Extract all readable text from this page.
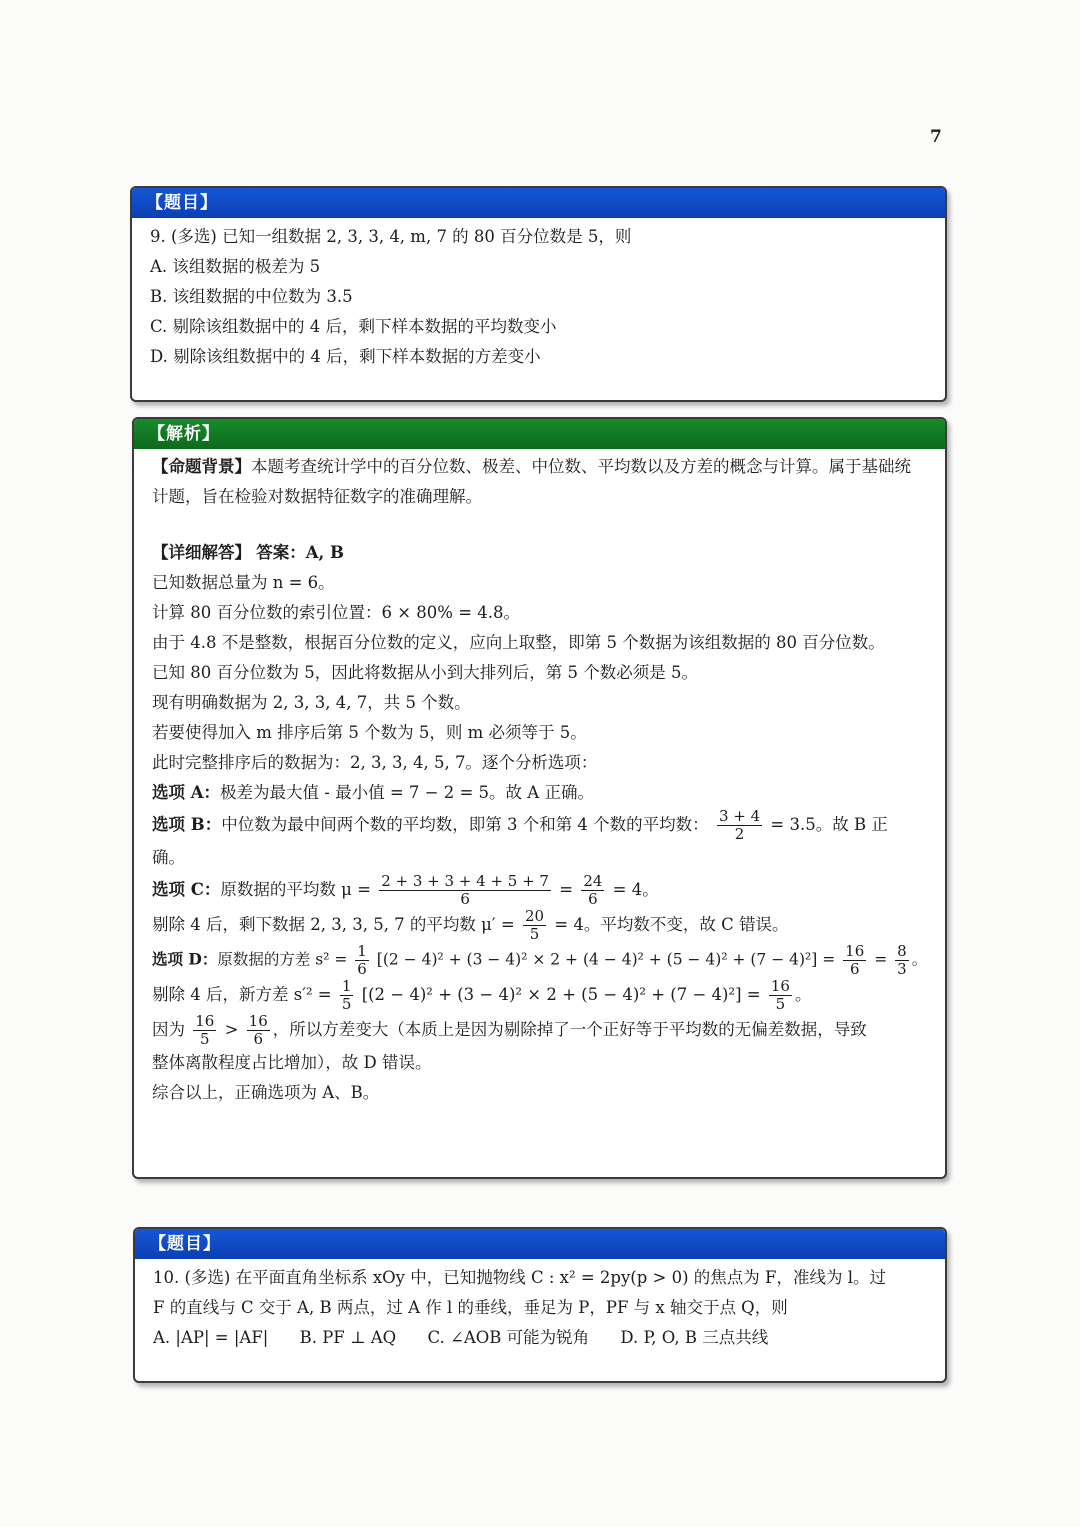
7
【题目】
9. (多选) 已知一组数据 2, 3, 3, 4, m, 7 的 80 百分位数是 5，则
A. 该组数据的极差为 5
B. 该组数据的中位数为 3.5
C. 剔除该组数据中的 4 后，剩下样本数据的平均数变小
D. 剔除该组数据中的 4 后，剩下样本数据的方差变小
【解析】
【命题背景】本题考查统计学中的百分位数、极差、中位数、平均数以及方差的概念与计算。属于基础统计题，旨在检验对数据特征数字的准确理解。
【详细解答】 答案：A, B
已知数据总量为 n = 6。
计算 80 百分位数的索引位置：6 × 80% = 4.8。
由于 4.8 不是整数，根据百分位数的定义，应向上取整，即第 5 个数据为该组数据的 80 百分位数。
已知 80 百分位数为 5，因此将数据从小到大排列后，第 5 个数必须是 5。
现有明确数据为 2, 3, 3, 4, 7，共 5 个数。
若要使得加入 m 排序后第 5 个数为 5，则 m 必须等于 5。
此时完整排序后的数据为：2, 3, 3, 4, 5, 7。逐个分析选项：
选项 A：极差为最大值 - 最小值 = 7 − 2 = 5。故 A 正确。
选项 B：中位数为最中间两个数的平均数，即第 3 个和第 4 个数的平均数： $\frac{3 + 4}{2} = 3.5$。故 B 正
确。
选项 C：原数据的平均数 $\mu = \frac{2 + 3 + 3 + 4 + 5 + 7}{6} = \frac{24}{6} = 4$。
剔除 4 后，剩下数据 2, 3, 3, 5, 7 的平均数 $\mu' = \frac{20}{5} = 4$。平均数不变，故 C 错误。
选项 D：原数据的方差 $s^2 = \frac{1}{6} [(2 - 4)^2 + (3 - 4)^2 \times 2 + (4 - 4)^2 + (5 - 4)^2 + (7 - 4)^2] = \frac{16}{6} = \frac{8}{3}$ 。
剔除 4 后，新方差 $s'^2 = \frac{1}{5} [(2 - 4)^2 + (3 - 4)^2 \times 2 + (5 - 4)^2 + (7 - 4)^2] = \frac{16}{5}$ 。
因为 $\frac{16}{5} > \frac{16}{6}$ ，所以方差变大（本质上是因为剔除掉了一个正好等于平均数的无偏差数据，导致
整体离散程度占比增加），故 D 错误。
综合以上，正确选项为 A、B。
【题目】
10. (多选) 在平面直角坐标系 xOy 中，已知抛物线 C : x² = 2py(p > 0) 的焦点为 F，准线为 l。过
F 的直线与 C 交于 A, B 两点，过 A 作 l 的垂线，垂足为 P，PF 与 x 轴交于点 Q，则
A. |AP| = |AF| B. PF ⊥ AQ C. ∠AOB 可能为锐角 D. P, O, B 三点共线
